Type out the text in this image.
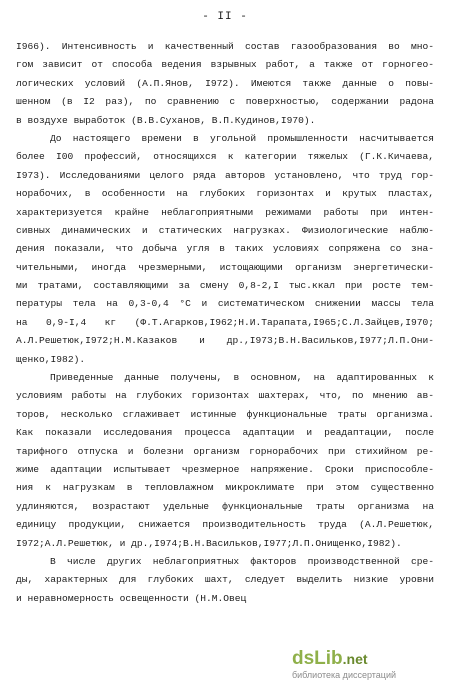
- II -
I966). Интенсивность и качественный состав газообразования во мно-
гом зависит от способа ведения взрывных работ, а также от горногео-
логических условий (А.П.Янов, I972). Имеются также данные о повы-
шенном (в I2 раз), по сравнению с поверхностью, содержании радона
в воздухе выработок (В.В.Суханов, В.П.Кудинов,I970).
До настоящего времени в угольной промышленности насчитывается
более I00 профессий, относящихся к категории тяжелых (Г.К.Кичаева,
I973). Исследованиями целого ряда авторов установлено, что труд гор-
норабочих, в особенности на глубоких горизонтах и крутых пластах,
характеризуется крайне неблагоприятными режимами работы при интен-
сивных динамических и статических нагрузках. Физиологические наблю-
дения показали, что добыча угля в таких условиях сопряжена со зна-
чительными, иногда чрезмерными, истощающими организм энергетически-
ми тратами, составляющими за смену 0,8-2,I тыс.ккал при росте тем-
пературы тела на 0,3-0,4 °С и систематическом снижении массы тела
на 0,9-I,4 кг (Ф.Т.Агарков,I962;Н.И.Тарапата,I965;С.Л.Зайцев,I970;
А.Л.Решетюк,I972;Н.М.Казаков и др.,I973;В.Н.Васильков,I977;Л.П.Они-
щенко,I982).
Приведенные данные получены, в основном, на адаптированных к
условиям работы на глубоких горизонтах шахтерах, что, по мнению ав-
торов, несколько сглаживает истинные функциональные траты организма.
Как показали исследования процесса адаптации и реадаптации, после
тарифного отпуска и болезни организм горнорабочих при стихийном ре-
жиме адаптации испытывает чрезмерное напряжение. Сроки приспособле-
ния к нагрузкам в тепловлажном микроклимате при этом существенно
удлиняются, возрастают удельные функциональные траты организма на
единицу продукции, снижается производительность труда (А.Л.Решетюк,
I972;А.Л.Решетюк, и др.,I974;В.Н.Васильков,I977;Л.П.Онищенко,I982).
В числе других неблагоприятных факторов производственной сре-
ды, характерных для глубоких шахт, следует выделить низкие уровни
и неравномерность освещенности (Н.М.Овец
dsLib.net
библиотека диссертаций
